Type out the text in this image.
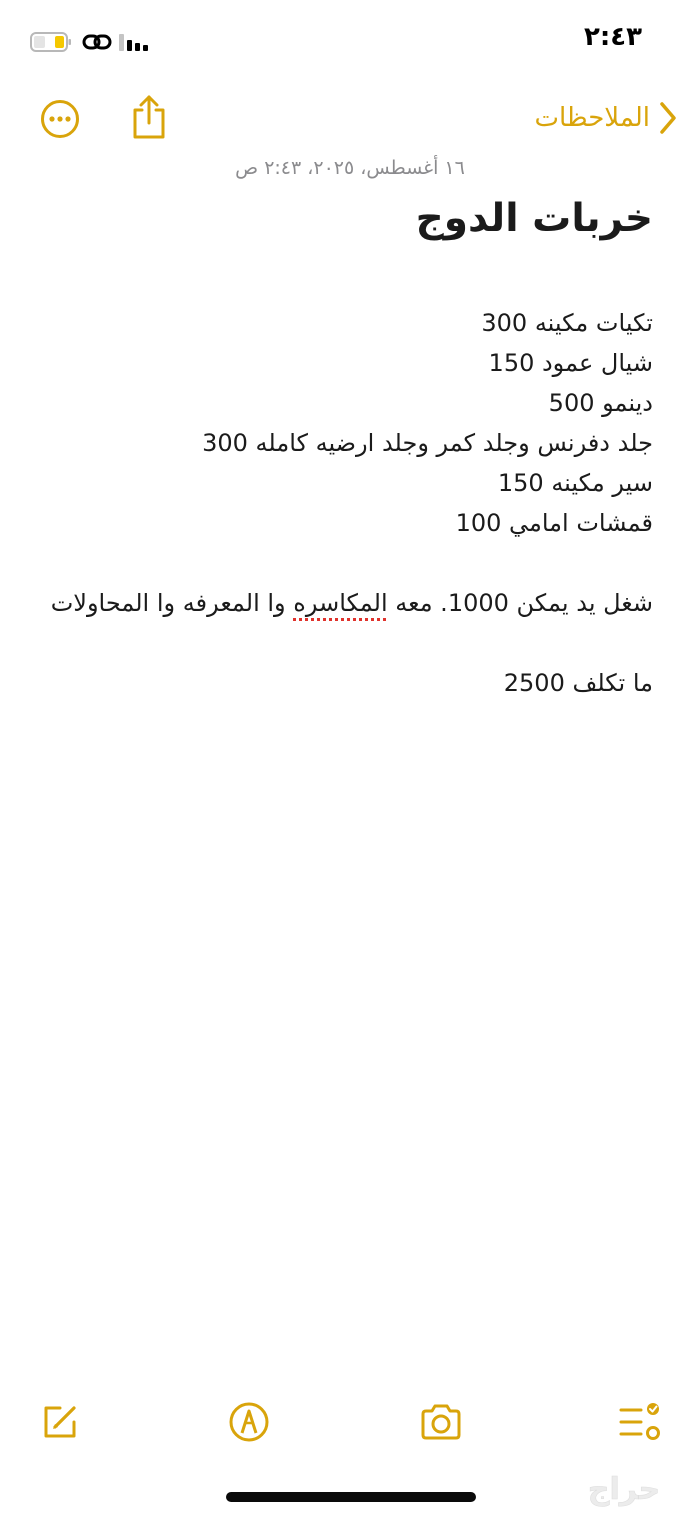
٢:٤٣
الملاحظات
١٦ أغسطس، ٢٠٢٥، ٢:٤٣ ص
خربات الدوج
تكيات مكينه 300
شيال عمود 150
دينمو 500
جلد دفرنس وجلد كمر وجلد ارضيه كامله 300
سير مكينه 150
قمشات امامي 100
شغل يد يمكن 1000. معه المكاسره وا المعرفه وا المحاولات
ما تكلف 2500
حراج
